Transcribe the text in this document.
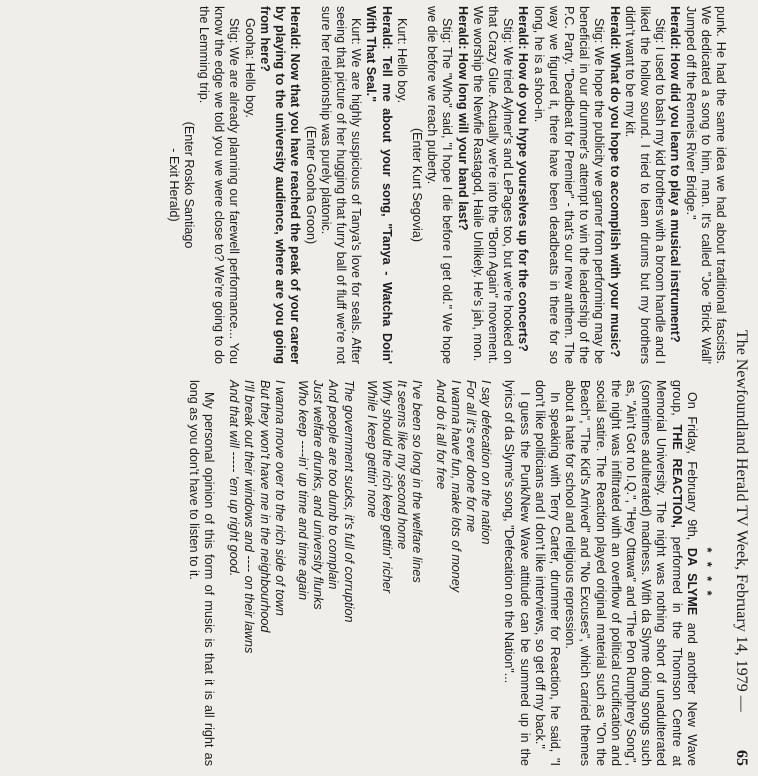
The Newfoundland Herald TV Week, February 14, 1979 —
65

punk. He had the same idea we had about traditional fascists. We dedicated a song to him, man. It's called "Joe 'Brick Wall' Jumped off the Renneis River Bridge."

Herald: How did you learn to play a musical instrument?

Stig: I used to bash my kid brothers with a broom handle and I liked the hollow sound. I tried to learn drums but my brothers didn't want to be my kit.

Herald: What do you hope to accomplish with your music?

Stig: We hope the publicity we garner from performing may be beneficial in our drummer's attempt to win the leadership of the P.C. Party. "Deadbeat for Premier" - that's our new anthem. The way we figured it, there have been deadbeats in there for so long, he is a shoo-in.

Herald: How do you hype yourselves up for the concerts?

Stig: We tried Aylmer's and LePages too, but we're hooked on that Crazy Glue. Actually we're into the "Born Again" movement. We worship the Newfie Rastagod, Haile Unlikely. He's jah, mon.

Herald: How long will your band last?

Stig: The "Who" said, "I hope I die before I get old." We hope we die before we reach puberty.

(Enter Kurt Segovia)

Kurt: Hello boy.

Herald: Tell me about your song, "Tanya - Watcha Doin' With That Seal."

Kurt: We are highly suspicious of Tanya's love for seals. After seeing that picture of her hugging that furry ball of fluff we're not sure her relationship was purely platonic.

(Enter Gooha Groon)

Herald: Now that you have reached the peak of your career by playing to the university audience, where are you going from here?

Gooha: Hello boy.

Stig: We are already planning our farewell performance... You know the edge we told you we were close to? We're going to do the Lemming trip.

(Enter Rosko Santiago

- Exit Herald)

* * * *

On Friday, February 9th, DA SLYME and another New Wave group, THE REACTION, performed in the Thomson Centre at Memorial University. The night was nothing short of unadulterated (sometimes adulterated) madness. With da Slyme doing songs such as, "Ain't Got no I.Q.", "Hey Ottawa" and "The Pon Rumphrey Song", the night was infiltrated with an overflow of political crucification and social satire. The Reaction played original material such as "On the Beach", "The Kid's Arrived" and "No Excuses", which carried themes about a hate for school and religious repression.

In speaking with Terry Carter, drummer for Reaction, he said, "I don't like politicians and I don't like interviews, so get off my back."

I guess the Punk/New Wave attitude can be summed up in the lyrics of da Slyme's song, "Defecation on the Nation"...

I say defecation on the nation
For all it's ever done for me
I wanna have fun, make lots of money
And do it all for free
I've been so long in the welfare lines
It seems like my second home
Why should the rich keep gettin' richer
While I keep gettin' none
The government sucks, it's full of corruption
And people are too dumb to complain
Just welfare drunks, and university flunks
Who keep ----in' up time and time again
I wanna move over to the rich side of town
But they won't have me in the neighbourhood
I'll break out their windows and ---- on their lawns
And that will ----- 'em up right good.

My personal opinion of this form of music is that it is all right as long as you don't have to listen to it.
